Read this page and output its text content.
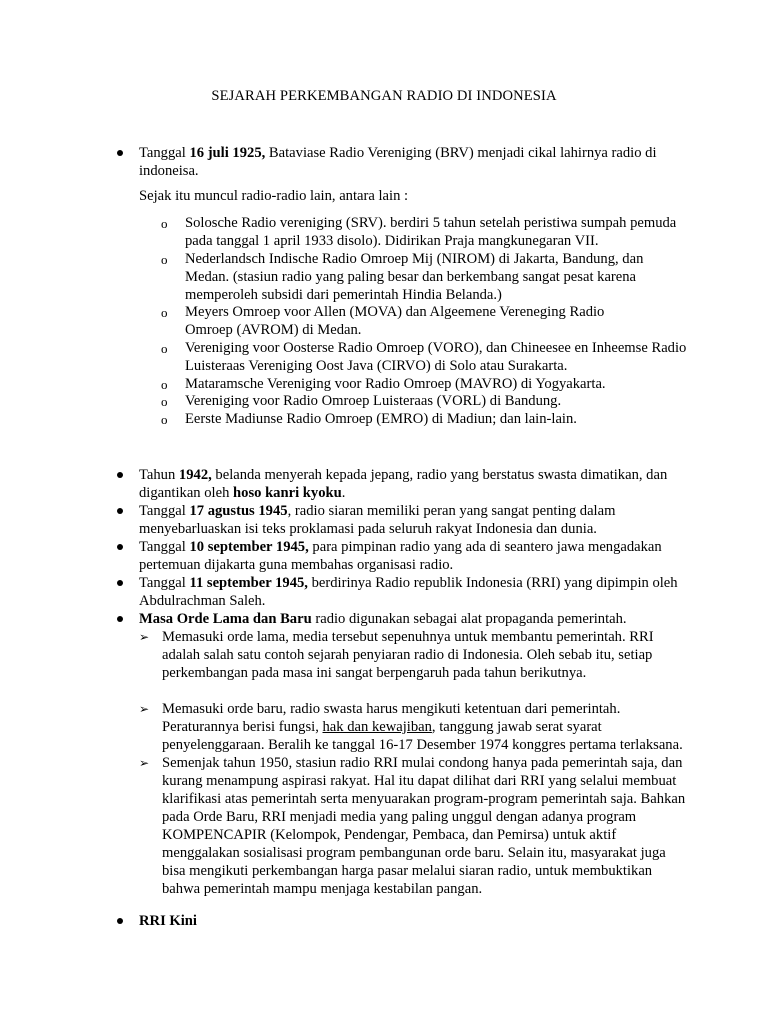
SEJARAH PERKEMBANGAN RADIO DI INDONESIA
Tanggal 16 juli 1925, Bataviase Radio Vereniging (BRV) menjadi cikal lahirnya radio di
indoneisa.
Sejak itu muncul radio-radio lain, antara lain :
o Solosche Radio vereniging (SRV). berdiri 5 tahun setelah peristiwa sumpah pemuda
pada tanggal 1 april 1933 disolo). Didirikan Praja mangkunegaran VII.
o Nederlandsch Indische Radio Omroep Mij (NIROM) di Jakarta, Bandung, dan
Medan. (stasiun radio yang paling besar dan berkembang sangat pesat karena
memperoleh subsidi dari pemerintah Hindia Belanda.)
o Meyers Omroep voor Allen (MOVA) dan Algeemene Vereneging Radio
Omroep (AVROM) di Medan.
o Vereniging voor Oosterse Radio Omroep (VORO), dan Chineesee en Inheemse Radio
Luisteraas Vereniging Oost Java (CIRVO) di Solo atau Surakarta.
o Mataramsche Vereniging voor Radio Omroep (MAVRO) di Yogyakarta.
o Vereniging voor Radio Omroep Luisteraas (VORL) di Bandung.
o Eerste Madiunse Radio Omroep (EMRO) di Madiun; dan lain-lain.
Tahun 1942, belanda menyerah kepada jepang, radio yang berstatus swasta dimatikan, dan
digantikan oleh hoso kanri kyoku.
Tanggal 17 agustus 1945, radio siaran memiliki peran yang sangat penting dalam
menyebarluaskan isi teks proklamasi pada seluruh rakyat Indonesia dan dunia.
Tanggal 10 september 1945, para pimpinan radio yang ada di seantero jawa mengadakan
pertemuan dijakarta guna membahas organisasi radio.
Tanggal 11 september 1945, berdirinya Radio republik Indonesia (RRI) yang dipimpin oleh
Abdulrachman Saleh.
Masa Orde Lama dan Baru radio digunakan sebagai alat propaganda pemerintah.
➢ Memasuki orde lama, media tersebut sepenuhnya untuk membantu pemerintah. RRI
adalah salah satu contoh sejarah penyiaran radio di Indonesia. Oleh sebab itu, setiap
perkembangan pada masa ini sangat berpengaruh pada tahun berikutnya.
➢ Memasuki orde baru, radio swasta harus mengikuti ketentuan dari pemerintah.
Peraturannya berisi fungsi, hak dan kewajiban, tanggung jawab serat syarat
penyelenggaraan. Beralih ke tanggal 16-17 Desember 1974 konggres pertama terlaksana.
➢ Semenjak tahun 1950, stasiun radio RRI mulai condong hanya pada pemerintah saja, dan
kurang menampung aspirasi rakyat. Hal itu dapat dilihat dari RRI yang selalui membuat
klarifikasi atas pemerintah serta menyuarakan program-program pemerintah saja. Bahkan
pada Orde Baru, RRI menjadi media yang paling unggul dengan adanya program
KOMPENCAPIR (Kelompok, Pendengar, Pembaca, dan Pemirsa) untuk aktif
menggalakan sosialisasi program pembangunan orde baru. Selain itu, masyarakat juga
bisa mengikuti perkembangan harga pasar melalui siaran radio, untuk membuktikan
bahwa pemerintah mampu menjaga kestabilan pangan.
RRI Kini
